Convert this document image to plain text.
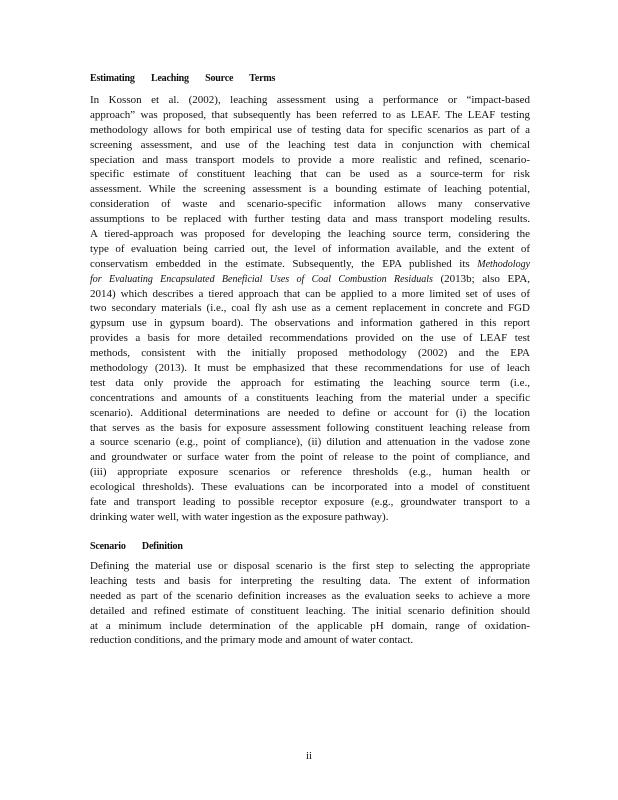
Estimating Leaching Source Terms
In Kosson et al. (2002), leaching assessment using a performance or “impact‐based
approach” was proposed, that subsequently has been referred to as LEAF. The LEAF testing
methodology allows for both empirical use of testing data for specific scenarios as part of a
screening assessment, and use of the leaching test data in conjunction with chemical
speciation and mass transport models to provide a more realistic and refined, scenario‐
specific estimate of constituent leaching that can be used as a source‐term for risk
assessment. While the screening assessment is a bounding estimate of leaching potential,
consideration of waste and scenario‐specific information allows many conservative
assumptions to be replaced with further testing data and mass transport modeling results.
A tiered‐approach was proposed for developing the leaching source term, considering the
type of evaluation being carried out, the level of information available, and the extent of
conservatism embedded in the estimate. Subsequently, the EPA published its Methodology
for Evaluating Encapsulated Beneficial Uses of Coal Combustion Residuals (2013b; also EPA,
2014) which describes a tiered approach that can be applied to a more limited set of uses of
two secondary materials (i.e., coal fly ash use as a cement replacement in concrete and FGD
gypsum use in gypsum board). The observations and information gathered in this report
provides a basis for more detailed recommendations provided on the use of LEAF test
methods, consistent with the initially proposed methodology (2002) and the EPA
methodology (2013). It must be emphasized that these recommendations for use of leach
test data only provide the approach for estimating the leaching source term (i.e.,
concentrations and amounts of a constituents leaching from the material under a specific
scenario). Additional determinations are needed to define or account for (i) the location
that serves as the basis for exposure assessment following constituent leaching release from
a source scenario (e.g., point of compliance), (ii) dilution and attenuation in the vadose zone
and groundwater or surface water from the point of release to the point of compliance, and
(iii) appropriate exposure scenarios or reference thresholds (e.g., human health or
ecological thresholds). These evaluations can be incorporated into a model of constituent
fate and transport leading to possible receptor exposure (e.g., groundwater transport to a
drinking water well, with water ingestion as the exposure pathway).
Scenario Definition
Defining the material use or disposal scenario is the first step to selecting the appropriate
leaching tests and basis for interpreting the resulting data. The extent of information
needed as part of the scenario definition increases as the evaluation seeks to achieve a more
detailed and refined estimate of constituent leaching. The initial scenario definition should
at a minimum include determination of the applicable pH domain, range of oxidation‐
reduction conditions, and the primary mode and amount of water contact.
ii
